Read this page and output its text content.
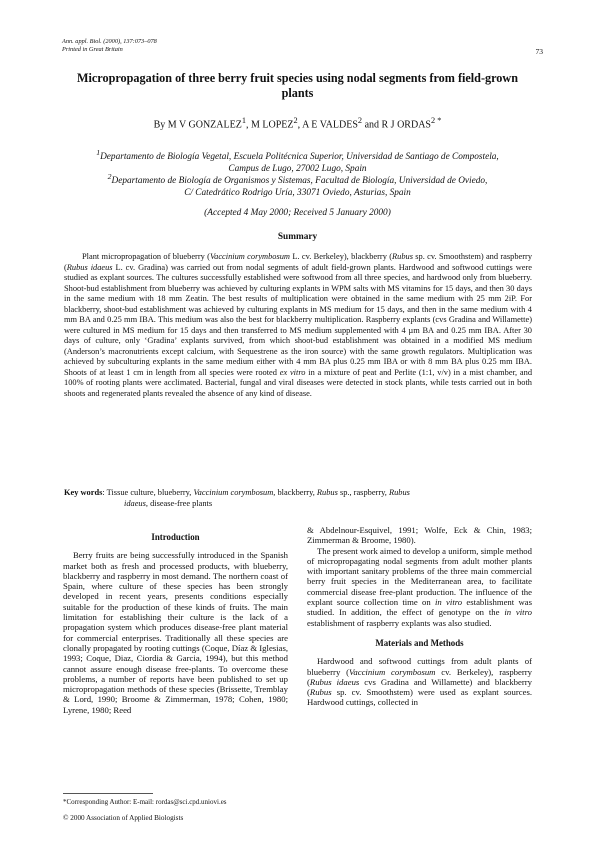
Ann. appl. Biol. (2000), 137:073–078
Printed in Great Britain	73
Micropropagation of three berry fruit species using nodal segments from field-grown plants
By M V GONZALEZ$^1$, M LOPEZ$^2$, A E VALDES$^2$ and R J $ORDAS^{2 *}$
$^1$Departamento de Biología Vegetal, Escuela Politécnica Superior, Universidad de Santiago de Compostela,
Campus de Lugo, 27002 Lugo, Spain
$^2$Departamento de Biología de Organismos y Sistemas, Facultad de Biología, Universidad de Oviedo,
C/ Catedrático Rodrigo Uría, 33071 Oviedo, Asturias, Spain
(Accepted 4 May 2000; Received 5 January 2000)
Summary

Plant micropropagation of blueberry (Vaccinium corymbosum L. cv. Berkeley), blackberry (Rubus sp. cv. Smoothstem) and raspberry (Rubus idaeus L. cv. Gradina) was carried out from nodal segments of adult field-grown plants. Hardwood and softwood cuttings were studied as explant sources. The cultures successfully established were softwood from all three species, and hardwood only from blueberry. Shoot-bud establishment from blueberry was achieved by culturing explants in WPM salts with MS vitamins for 15 days, and then 30 days in the same medium with 18 mm Zeatin. The best results of multiplication were obtained in the same medium with 25 mm 2iP. For blackberry, shoot-bud establishment was achieved by culturing explants in MS medium for 15 days, and then in the same medium with 4 mm BA and 0.25 mm IBA. This medium was also the best for blackberry multiplication. Raspberry explants (cvs Gradina and Willamette) were cultured in MS medium for 15 days and then transferred to MS medium supplemented with 4 µm BA and 0.25 mm IBA. After 30 days of culture, only ‘Gradina’ explants survived, from which shoot-bud establishment was obtained in a modified MS medium (Anderson’s macronutrients except calcium, with Sequestrene as the iron source) with the same growth regulators. Multiplication was achieved by subculturing explants in the same medium either with 4 mm BA plus 0.25 mm IBA or with 8 mm BA plus 0.25 mm IBA. Shoots of at least 1 cm in length from all species were rooted ex vitro in a mixture of peat and Perlite (1:1, v/v) in a mist chamber, and 100% of rooting plants were acclimated. Bacterial, fungal and viral diseases were detected in stock plants, while tests carried out in both shoots and regenerated plants revealed the absence of any kind of disease.

Key words: Tissue culture, blueberry, Vaccinium corymbosum, blackberry, Rubus sp., raspberry, Rubus
idaeus, disease-free plants
Introduction

Berry fruits are being successfully introduced in the Spanish market both as fresh and processed products, with blueberry, blackberry and raspberry in most demand. The northern coast of Spain, where culture of these species has been strongly developed in recent years, presents conditions especially suitable for the production of these kinds of fruits. The main limitation for establishing their culture is the lack of a propagation system which produces disease-free plant material for commercial enterprises. Traditionally all these species are clonally propagated by rooting cuttings (Coque, Díaz & Iglesias, 1993; Coque, Diaz, Ciordia & Garcia, 1994), but this method cannot assure enough disease free-plants. To overcome these problems, a number of reports have been published to set up micropropagation methods of these species (Brissette, Tremblay & Lord, 1990; Broome & Zimmerman, 1978; Cohen, 1980; Lyrene, 1980; Reed

& Abdelnour-Esquivel, 1991; Wolfe, Eck & Chin, 1983; Zimmerman & Broome, 1980).

The present work aimed to develop a uniform, simple method of micropropagating nodal segments from adult mother plants with important sanitary problems of the three main commercial berry fruit species in the Mediterranean area, to facilitate commercial disease free-plant production. The influence of the explant source collection time on in vitro establishment was studied. In addition, the effect of genotype on the in vitro establishment of raspberry explants was also studied.

Materials and Methods

Hardwood and softwood cuttings from adult plants of blueberry (Vaccinium corymbosum cv. Berkeley), raspberry (Rubus idaeus cvs Gradina and Willamette) and blackberry (Rubus sp. cv. Smoothstem) were used as explant sources. Hardwood cuttings, collected in

*Corresponding Author: E-mail: rordas@sci.cpd.uniovi.es
© 2000 Association of Applied Biologists
